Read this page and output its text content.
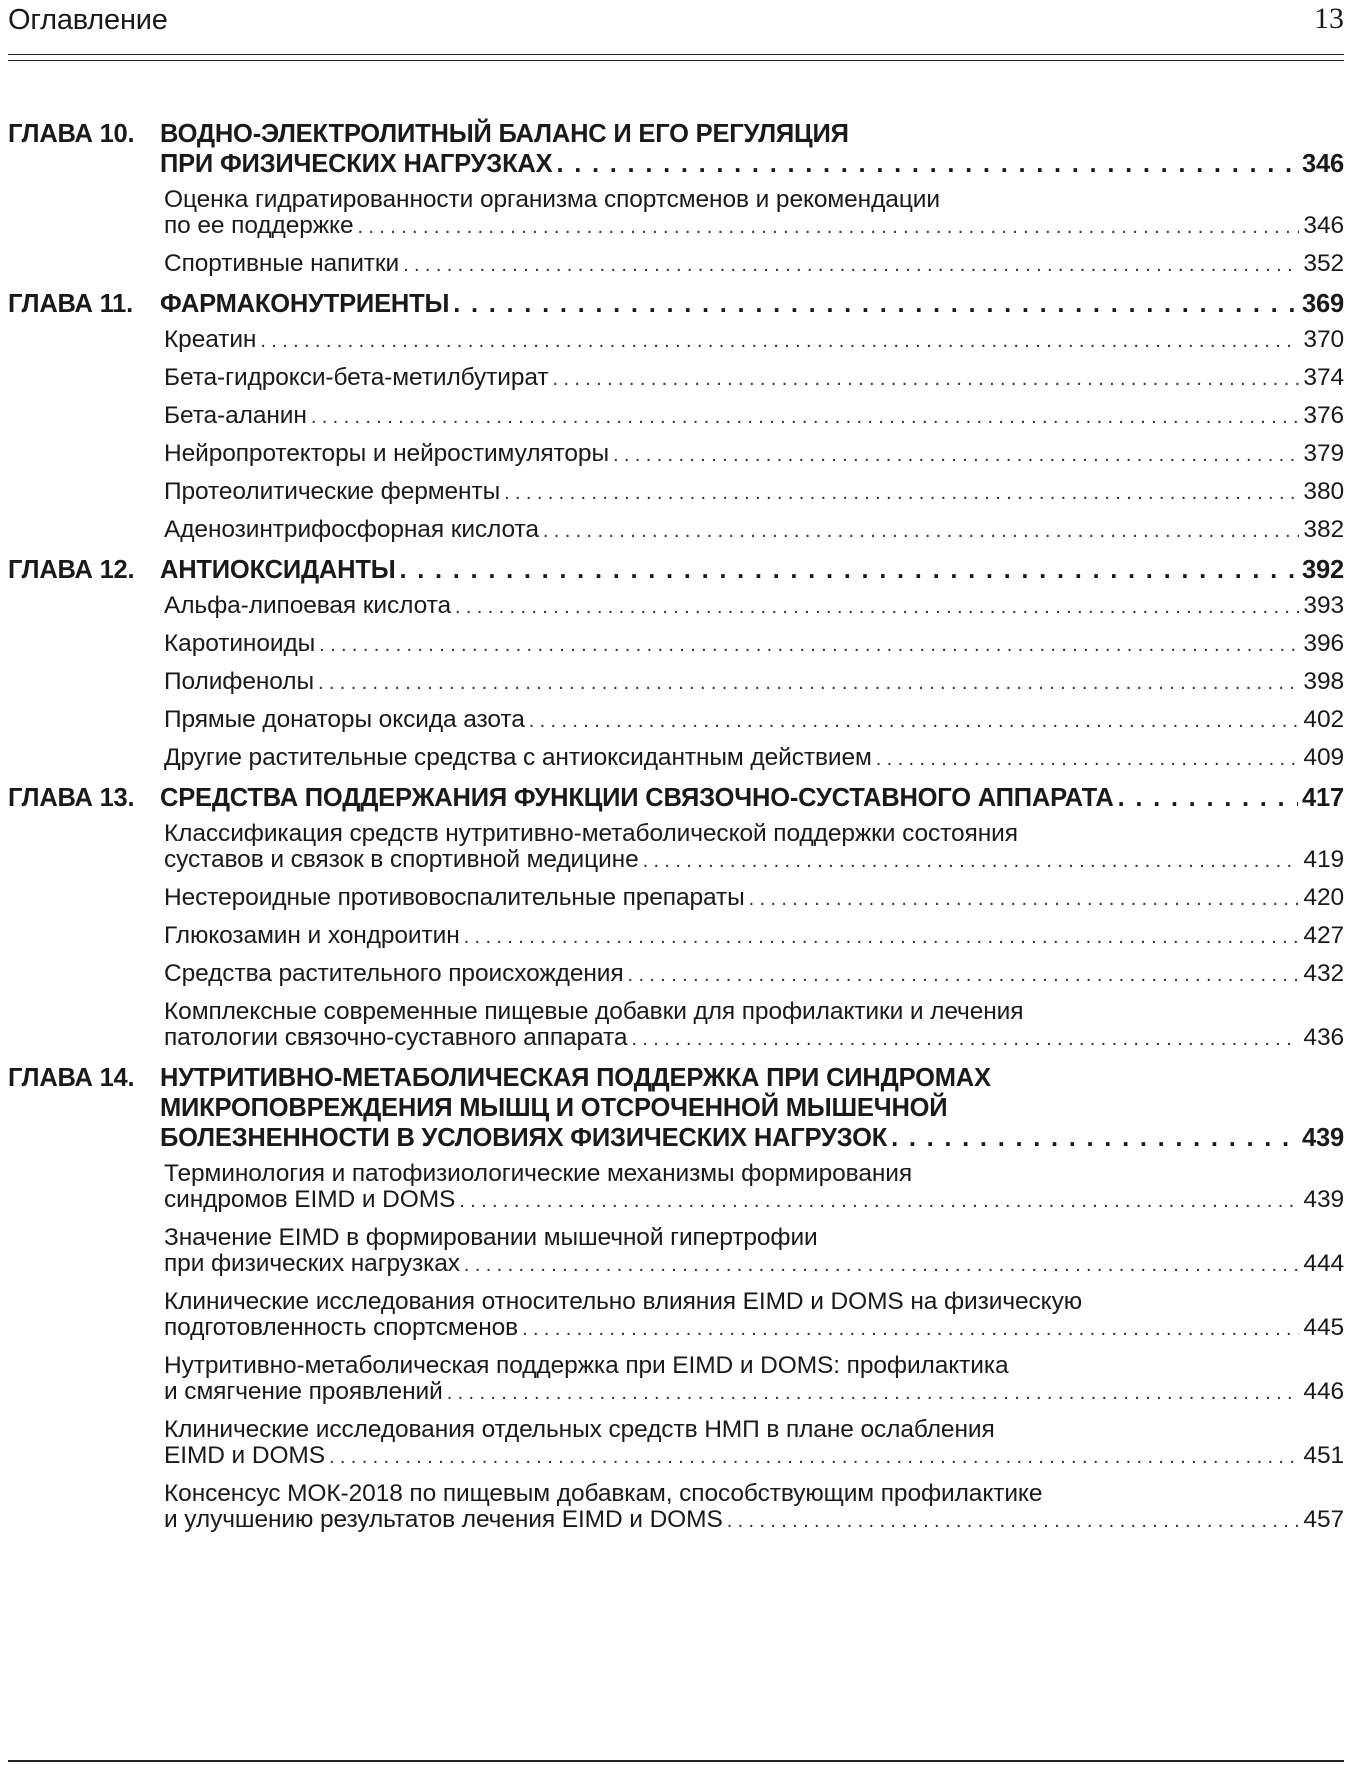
Оглавление	13
ГЛАВА 10.	ВОДНО-ЭЛЕКТРОЛИТНЫЙ БАЛАНС И ЕГО РЕГУЛЯЦИЯ
ПРИ ФИЗИЧЕСКИХ НАГРУЗКАХ . . .	346
Оценка гидратированности организма спортсменов и рекомендации
по ее поддержке . . .	346
Спортивные напитки . . .	352
ГЛАВА 11.	ФАРМАКОНУТРИЕНТЫ . . .	369
Креатин . . .	370
Бета-гидрокси-бета-метилбутират . . .	374
Бета-аланин . . .	376
Нейропротекторы и нейростимуляторы . . .	379
Протеолитические ферменты . . .	380
Аденозинтрифосфорная кислота . . .	382
ГЛАВА 12.	АНТИОКСИДАНТЫ . . .	392
Альфа-липоевая кислота . . .	393
Каротиноиды . . .	396
Полифенолы . . .	398
Прямые донаторы оксида азота . . .	402
Другие растительные средства с антиоксидантным действием . . .	409
ГЛАВА 13.	СРЕДСТВА ПОДДЕРЖАНИЯ ФУНКЦИИ СВЯЗОЧНО-СУСТАВНОГО АППАРАТА . . .	417
Классификация средств нутритивно-метаболической поддержки состояния
суставов и связок в спортивной медицине . . .	419
Нестероидные противовоспалительные препараты . . .	420
Глюкозамин и хондроитин . . .	427
Средства растительного происхождения . . .	432
Комплексные современные пищевые добавки для профилактики и лечения
патологии связочно-суставного аппарата . . .	436
ГЛАВА 14.	НУТРИТИВНО-МЕТАБОЛИЧЕСКАЯ ПОДДЕРЖКА ПРИ СИНДРОМАХ
МИКРОПОВРЕЖДЕНИЯ МЫШЦ И ОТСРОЧЕННОЙ МЫШЕЧНОЙ
БОЛЕЗНЕННОСТИ В УСЛОВИЯХ ФИЗИЧЕСКИХ НАГРУЗОК . . .	439
Терминология и патофизиологические механизмы формирования
синдромов EIMD и DOMS . . .	439
Значение EIMD в формировании мышечной гипертрофии
при физических нагрузках . . .	444
Клинические исследования относительно влияния EIMD и DOMS на физическую
подготовленность спортсменов . . .	445
Нутритивно-метаболическая поддержка при EIMD и DOMS: профилактика
и смягчение проявлений . . .	446
Клинические исследования отдельных средств НМП в плане ослабления
EIMD и DOMS . . .	451
Консенсус МОК-2018 по пищевым добавкам, способствующим профилактике
и улучшению результатов лечения EIMD и DOMS . . .	457
